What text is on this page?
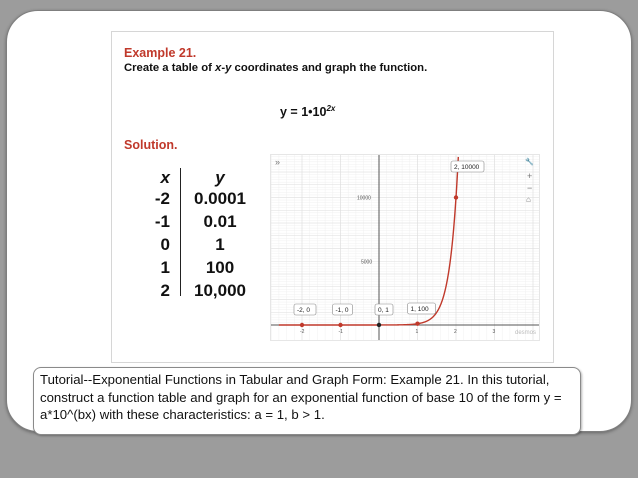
Example 21.
Create a table of x-y coordinates and graph the function.
$y = 1•10^{2x}$
Solution.
x	y
-2	0.0001
-1	0.01
0	1
1	100
2	10,000
10000
5000
-2	-1	1	2	3
-2, 0	-1, 0	0, 1	1, 100
2, 10000
desmos
»	🔧
+
−
⌂

Tutorial--Exponential Functions in Tabular and Graph Form: Example 21. In this tutorial, construct a function table and graph for an exponential function of base 10 of the form y = a*10^(bx) with these characteristics: a = 1, b > 1.
